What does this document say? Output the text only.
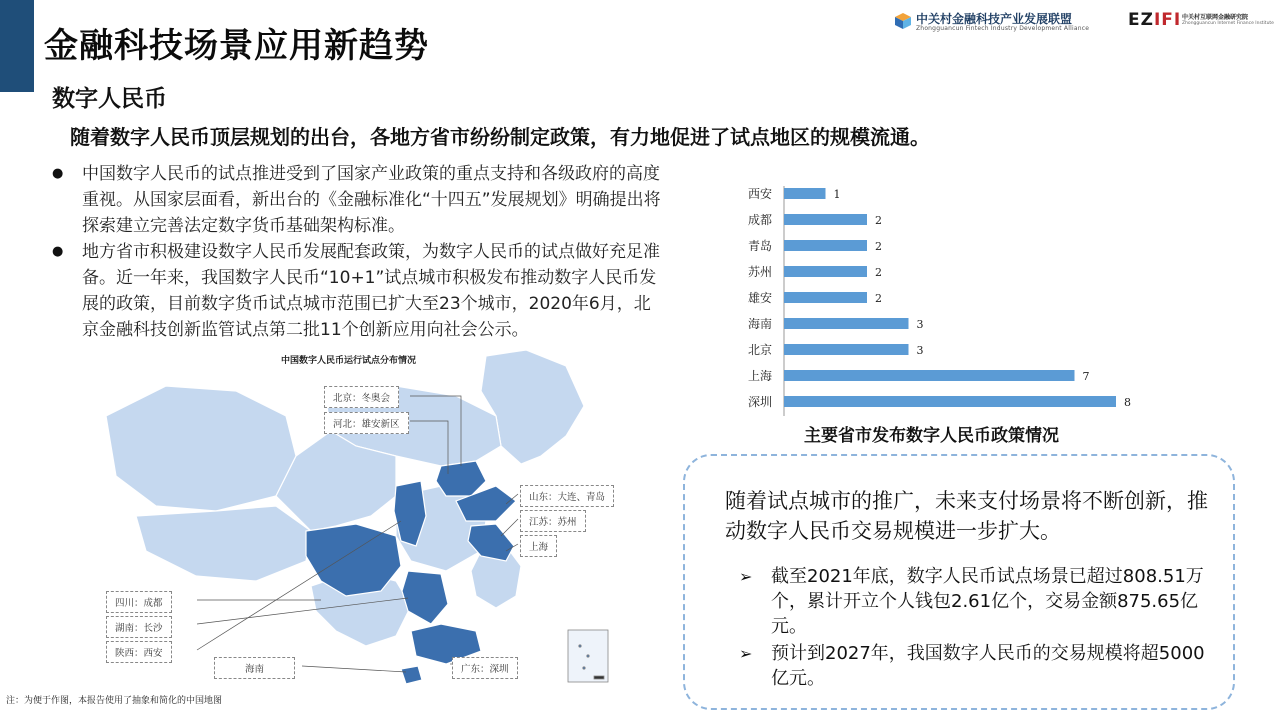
金融科技场景应用新趋势
中关村金融科技产业发展联盟
Zhongguancun Fintech Industry Development Alliance EZIFI 中关村互联网金融研究院
Zhongguancun Internet Finance Institute
数字人民币
随着数字人民币顶层规划的出台，各地方省市纷纷制定政策，有力地促进了试点地区的规模流通。
● 中国数字人民币的试点推进受到了国家产业政策的重点支持和各级政府的高度重视。从国家层面看，新出台的《金融标准化“十四五”发展规划》明确提出将探索建立完善法定数字货币基础架构标准。
● 地方省市积极建设数字人民币发展配套政策，为数字人民币的试点做好充足准备。近一年来，我国数字人民币“10+1”试点城市积极发布推动数字人民币发展的政策，目前数字货币试点城市范围已扩大至23个城市，2020年6月，北京金融科技创新监管试点第二批11个创新应用向社会公示。
中国数字人民币运行试点分布情况
北京：冬奥会
河北：雄安新区
山东：大连、青岛
江苏：苏州
上海
四川：成都
湖南：长沙
陕西：西安
海南	广东：深圳
注：为便于作图，本报告使用了抽象和简化的中国地图
西安	1
成都	2
青岛	2
苏州	2
雄安	2
海南	3
北京	3
上海	7
深圳	8
主要省市发布数字人民币政策情况
随着试点城市的推广，未来支付场景将不断创新，推动数字人民币交易规模进一步扩大。
➢ 截至2021年底，数字人民币试点场景已超过808.51万个，累计开立个人钱包2.61亿个，交易金额875.65亿元。
➢ 预计到2027年，我国数字人民币的交易规模将超5000亿元。
